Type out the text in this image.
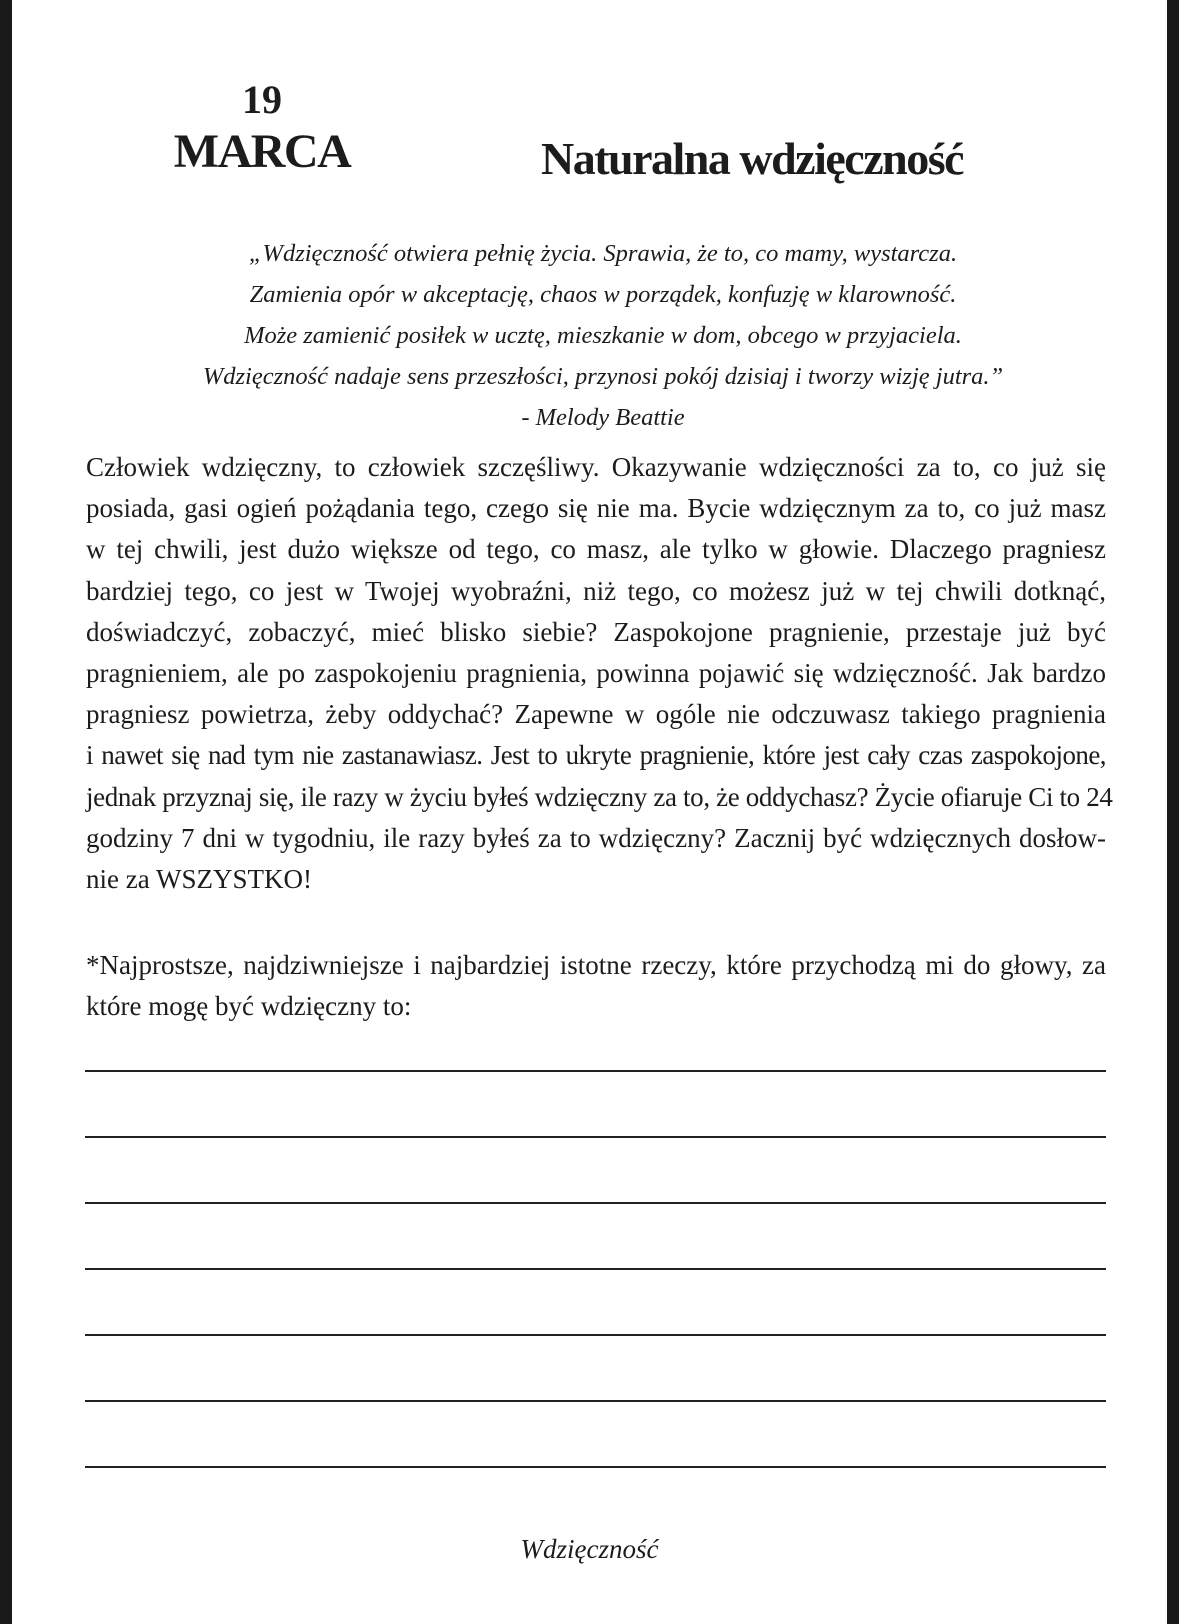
19
MARCA	Naturalna wdzięczność
„Wdzięczność otwiera pełnię życia. Sprawia, że to, co mamy, wystarcza.
Zamienia opór w akceptację, chaos w porządek, konfuzję w klarowność.
Może zamienić posiłek w ucztę, mieszkanie w dom, obcego w przyjaciela.
Wdzięczność nadaje sens przeszłości, przynosi pokój dzisiaj i tworzy wizję jutra.”
- Melody Beattie
Człowiek wdzięczny, to człowiek szczęśliwy. Okazywanie wdzięczności za to, co już się
posiada, gasi ogień pożądania tego, czego się nie ma. Bycie wdzięcznym za to, co już masz
w tej chwili, jest dużo większe od tego, co masz, ale tylko w głowie. Dlaczego pragniesz
bardziej tego, co jest w Twojej wyobraźni, niż tego, co możesz już w tej chwili dotknąć,
doświadczyć, zobaczyć, mieć blisko siebie? Zaspokojone pragnienie, przestaje już być
pragnieniem, ale po zaspokojeniu pragnienia, powinna pojawić się wdzięczność. Jak bardzo
pragniesz powietrza, żeby oddychać? Zapewne w ogóle nie odczuwasz takiego pragnienia
i nawet się nad tym nie zastanawiasz. Jest to ukryte pragnienie, które jest cały czas zaspokojone,
jednak przyznaj się, ile razy w życiu byłeś wdzięczny za to, że oddychasz? Życie ofiaruje Ci to 24
godziny 7 dni w tygodniu, ile razy byłeś za to wdzięczny? Zacznij być wdzięcznych dosłow-
nie za WSZYSTKO!
*Najprostsze, najdziwniejsze i najbardziej istotne rzeczy, które przychodzą mi do głowy, za
które mogę być wdzięczny to:
Wdzięczność
